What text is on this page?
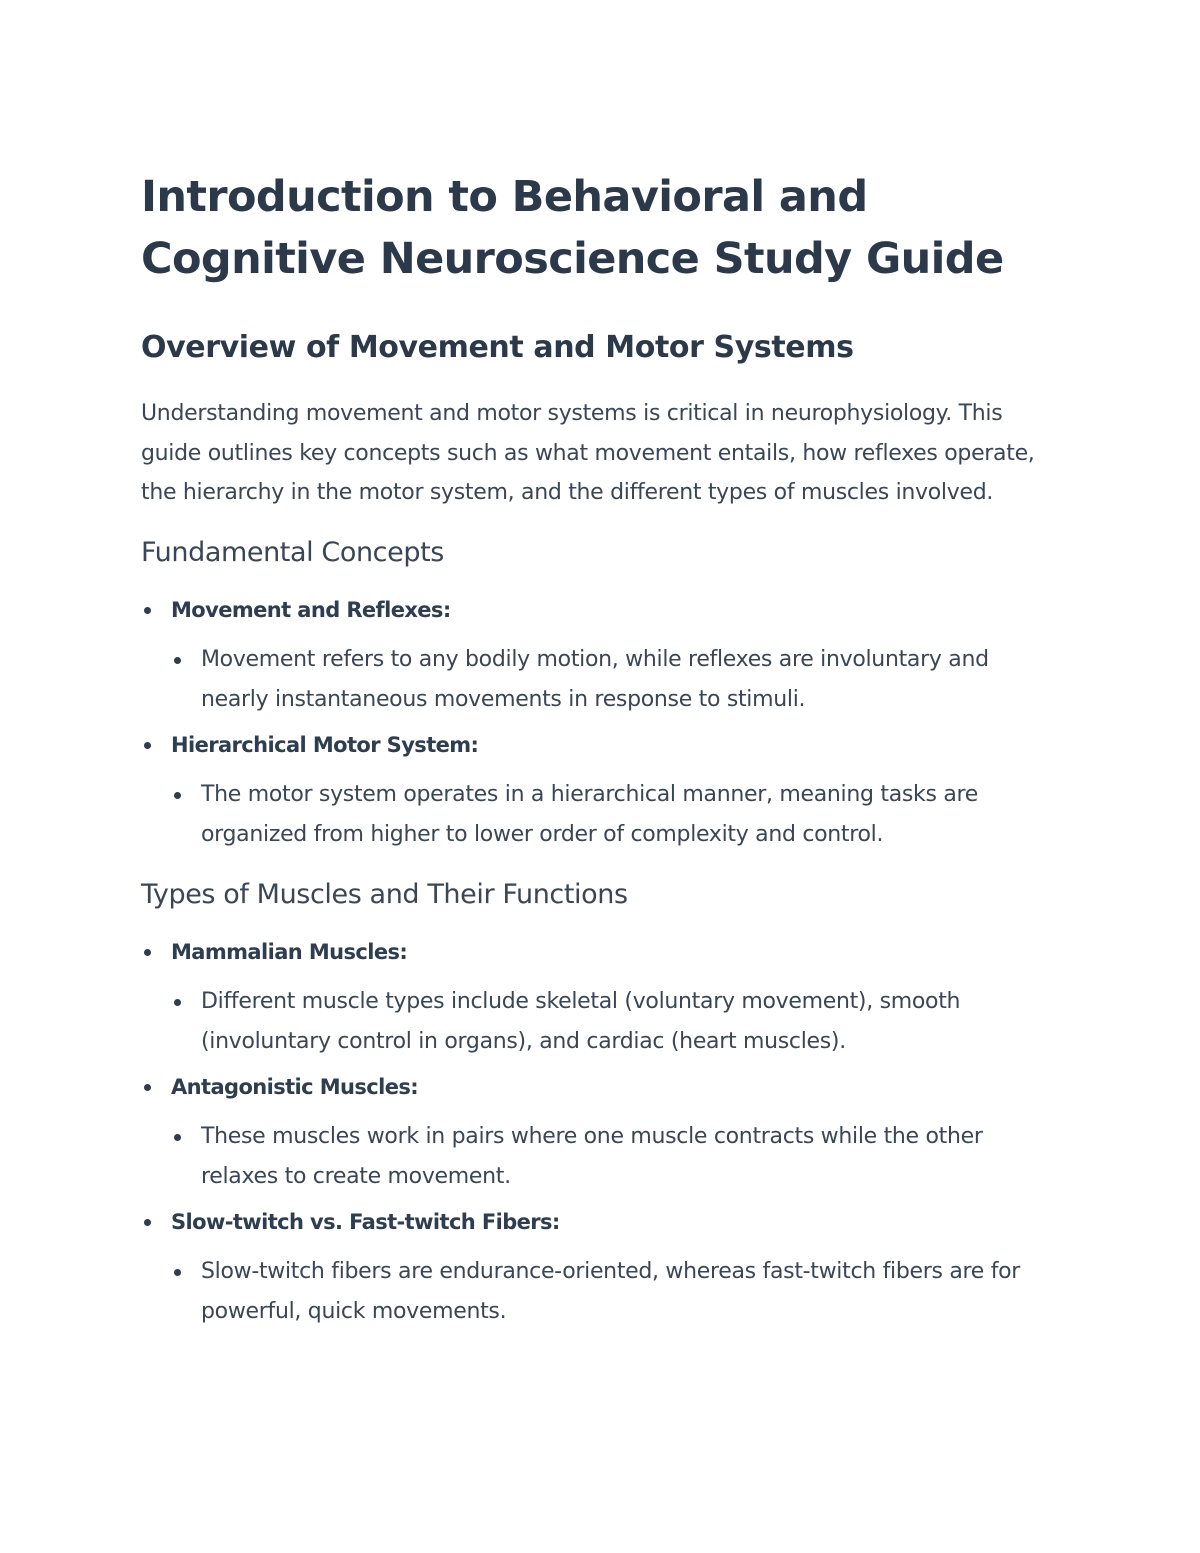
Introduction to Behavioral and
Cognitive Neuroscience Study Guide
Overview of Movement and Motor Systems

Understanding movement and motor systems is critical in neurophysiology. This guide outlines key concepts such as what movement entails, how reflexes operate, the hierarchy in the motor system, and the different types of muscles involved.

Fundamental Concepts
Movement and Reflexes:
Movement refers to any bodily motion, while reflexes are involuntary and nearly instantaneous movements in response to stimuli.
Hierarchical Motor System:
The motor system operates in a hierarchical manner, meaning tasks are organized from higher to lower order of complexity and control.
Types of Muscles and Their Functions
Mammalian Muscles:
Different muscle types include skeletal (voluntary movement), smooth (involuntary control in organs), and cardiac (heart muscles).
Antagonistic Muscles:
These muscles work in pairs where one muscle contracts while the other relaxes to create movement.
Slow-twitch vs. Fast-twitch Fibers:
Slow-twitch fibers are endurance-oriented, whereas fast-twitch fibers are for powerful, quick movements.
